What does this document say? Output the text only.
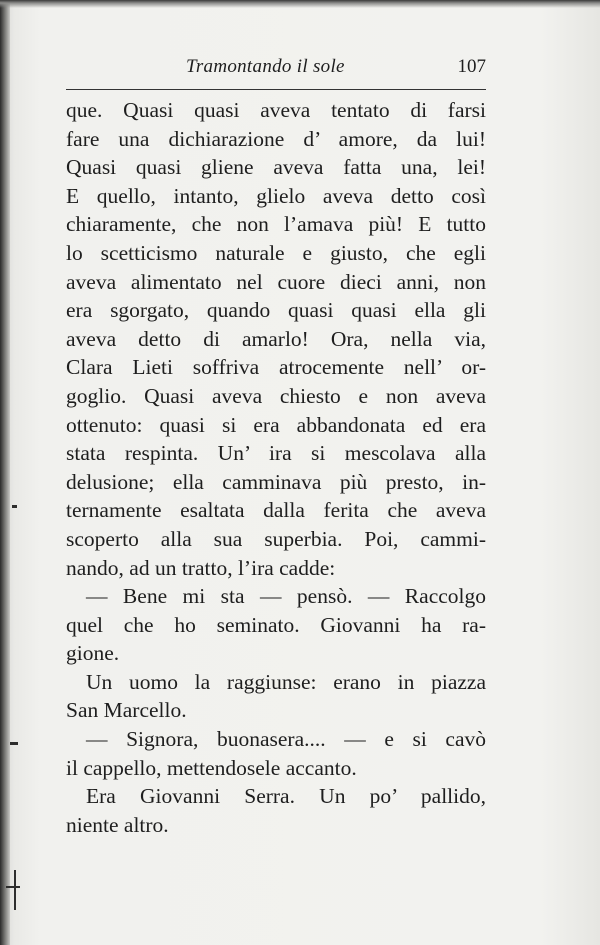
Tramontando il sole	107
que. Quasi quasi aveva tentato di farsi
fare una dichiarazione d’ amore, da lui!
Quasi quasi gliene aveva fatta una, lei!
E quello, intanto, glielo aveva detto così
chiaramente, che non l’amava più! E tutto
lo scetticismo naturale e giusto, che egli
aveva alimentato nel cuore dieci anni, non
era sgorgato, quando quasi quasi ella gli
aveva detto di amarlo! Ora, nella via,
Clara Lieti soffriva atrocemente nell’ or-
goglio. Quasi aveva chiesto e non aveva
ottenuto: quasi si era abbandonata ed era
stata respinta. Un’ ira si mescolava alla
delusione; ella camminava più presto, in-
ternamente esaltata dalla ferita che aveva
scoperto alla sua superbia. Poi, cammi-
nando, ad un tratto, l’ira cadde:
— Bene mi sta — pensò. — Raccolgo
quel che ho seminato. Giovanni ha ra-
gione.
Un uomo la raggiunse: erano in piazza
San Marcello.
— Signora, buonasera.... — e si cavò
il cappello, mettendosele accanto.
Era Giovanni Serra. Un po’ pallido,
niente altro.
